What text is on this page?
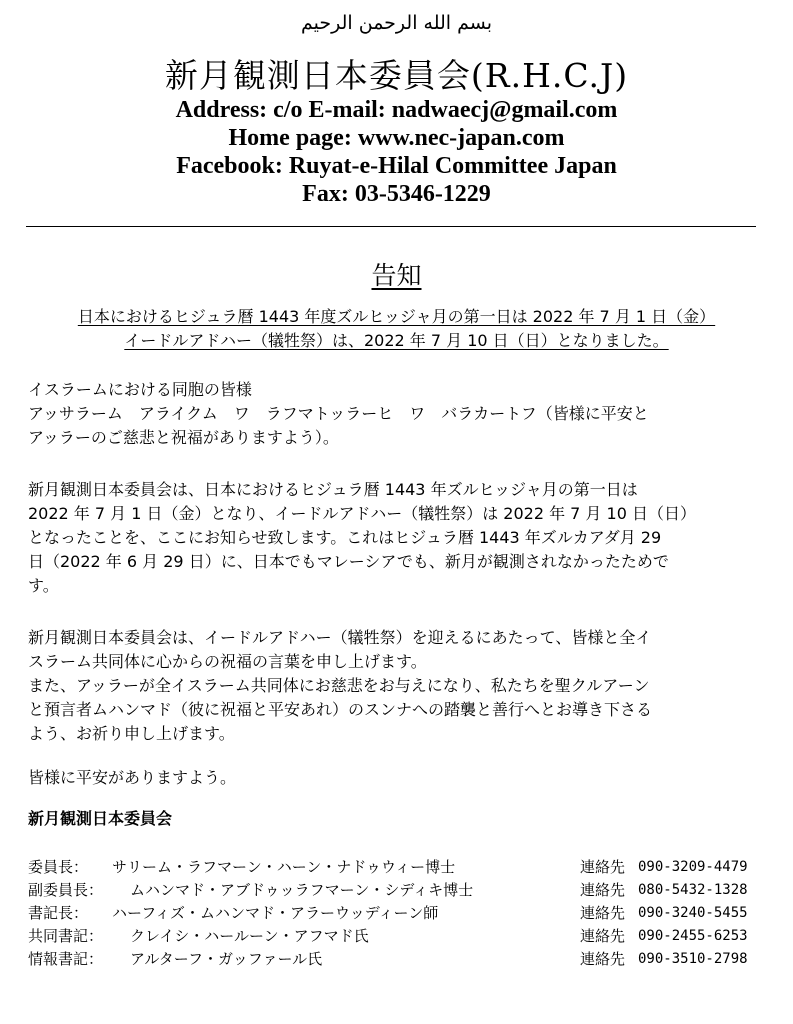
بسم الله الرحمن الرحيم
新月観測日本委員会(R.H.C.J)
Address: c/o E-mail: nadwaecj@gmail.com
Home page: www.nec-japan.com
Facebook: Ruyat-e-Hilal Committee Japan
Fax: 03-5346-1229
告知
日本におけるヒジュラ暦 1443 年度ズルヒッジャ月の第一日は 2022 年 7 月 1 日（金）
イードルアドハー（犠牲祭）は、2022 年 7 月 10 日（日）となりました。
イスラームにおける同胞の皆様
アッサラーム　アライクム　ワ　ラフマトッラーヒ　ワ　バラカートフ（皆様に平安と
アッラーのご慈悲と祝福がありますよう）。
新月観測日本委員会は、日本におけるヒジュラ暦 1443 年ズルヒッジャ月の第一日は
2022 年 7 月 1 日（金）となり、イードルアドハー（犠牲祭）は 2022 年 7 月 10 日（日）
となったことを、ここにお知らせ致します。これはヒジュラ暦 1443 年ズルカアダ月 29
日（2022 年 6 月 29 日）に、日本でもマレーシアでも、新月が観測されなかったためで
す。
新月観測日本委員会は、イードルアドハー（犠牲祭）を迎えるにあたって、皆様と全イ
スラーム共同体に心からの祝福の言葉を申し上げます。
また、アッラーが全イスラーム共同体にお慈悲をお与えになり、私たちを聖クルアーン
と預言者ムハンマド（彼に祝福と平安あれ）のスンナへの踏襲と善行へとお導き下さる
よう、お祈り申し上げます。
皆様に平安がありますよう。
新月観測日本委員会
委員長： サリーム・ラフマーン・ハーン・ナドゥウィー博士	連絡先 090-3209-4479
副委員長： ムハンマド・アブドゥッラフマーン・シディキ博士	連絡先 080-5432-1328
書記長： ハーフィズ・ムハンマド・アラーウッディーン師	連絡先 090-3240-5455
共同書記： クレイシ・ハールーン・アフマド氏	連絡先 090-2455-6253
情報書記： アルターフ・ガッファール氏	連絡先 090-3510-2798
